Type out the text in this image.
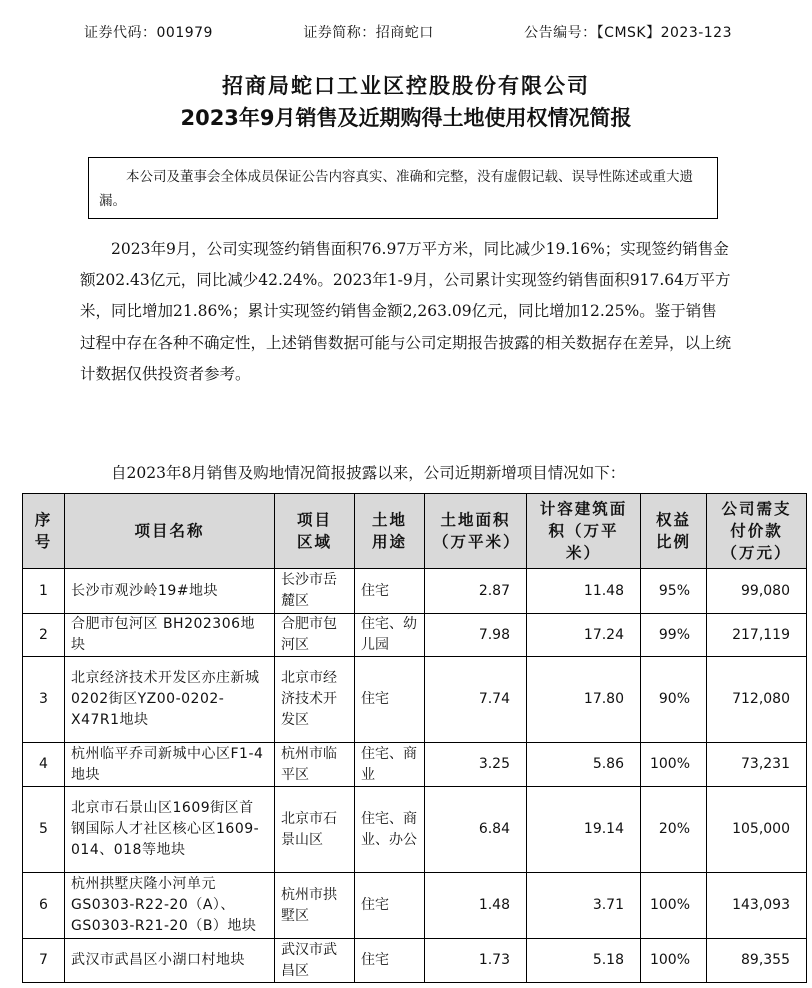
证券代码：001979	证券简称：招商蛇口	公告编号：【CMSK】2023-123
招商局蛇口工业区控股股份有限公司
2023年9月销售及近期购得土地使用权情况简报
本公司及董事会全体成员保证公告内容真实、准确和完整，没有虚假记载、误导性陈述或重大遗漏。
2023年9月，公司实现签约销售面积76.97万平方米，同比减少19.16%；实现签约销售金额202.43亿元，同比减少42.24%。2023年1-9月，公司累计实现签约销售面积917.64万平方米，同比增加21.86%；累计实现签约销售金额2,263.09亿元，同比增加12.25%。鉴于销售过程中存在各种不确定性，上述销售数据可能与公司定期报告披露的相关数据存在差异，以上统计数据仅供投资者参考。
自2023年8月销售及购地情况简报披露以来，公司近期新增项目情况如下：
序号	项目名称	项目区域	土地用途	土地面积（万平米）	计容建筑面积（万平米）	权益比例	公司需支付价款（万元）
1	长沙市观沙岭19#地块	长沙市岳麓区	住宅	2.87	11.48	95%	99,080
2	合肥市包河区 BH202306地块	合肥市包河区	住宅、幼儿园	7.98	17.24	99%	217,119
3	北京经济技术开发区亦庄新城0202街区YZ00-0202-X47R1地块	北京市经济技术开发区	住宅	7.74	17.80	90%	712,080
4	杭州临平乔司新城中心区F1-4地块	杭州市临平区	住宅、商业	3.25	5.86	100%	73,231
5	北京市石景山区1609街区首钢国际人才社区核心区1609-014、018等地块	北京市石景山区	住宅、商业、办公	6.84	19.14	20%	105,000
6	杭州拱墅庆隆小河单元GS0303-R22-20（A）、GS0303-R21-20（B）地块	杭州市拱墅区	住宅	1.48	3.71	100%	143,093
7	武汉市武昌区小湖口村地块	武汉市武昌区	住宅	1.73	5.18	100%	89,355
